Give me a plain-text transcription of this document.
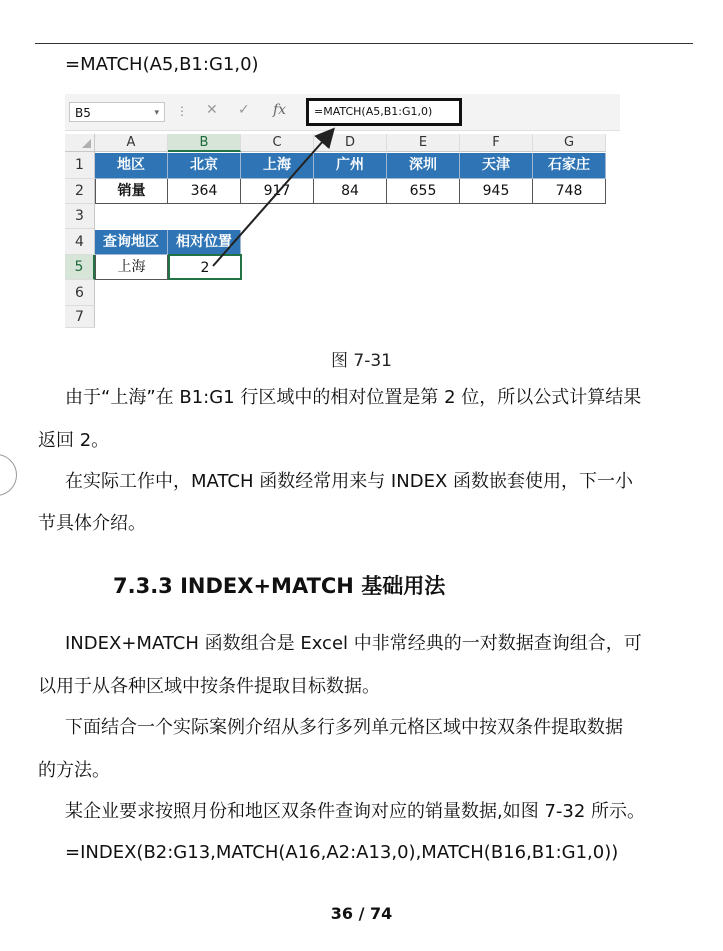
=MATCH(A5,B1:G1,0)
B5	▾ ⋮ ✕ ✓ fx	=MATCH(A5,B1:G1,0)
A	B	C	D	E	F	G
1
2
3
4
5
6
7
地区	北京	上海	广州	深圳	天津	石家庄
销量	364	917	84	655	945	748
查询地区	相对位置
上海	2
图 7-31
由于“上海”在 B1:G1 行区域中的相对位置是第 2 位，所以公式计算结果
返回 2。
在实际工作中，MATCH 函数经常用来与 INDEX 函数嵌套使用，下一小
节具体介绍。
7.3.3 INDEX+MATCH 基础用法
INDEX+MATCH 函数组合是 Excel 中非常经典的一对数据查询组合，可
以用于从各种区域中按条件提取目标数据。
下面结合一个实际案例介绍从多行多列单元格区域中按双条件提取数据
的方法。
某企业要求按照月份和地区双条件查询对应的销量数据,如图 7-32 所示。
=INDEX(B2:G13,MATCH(A16,A2:A13,0),MATCH(B16,B1:G1,0))
36 / 74
